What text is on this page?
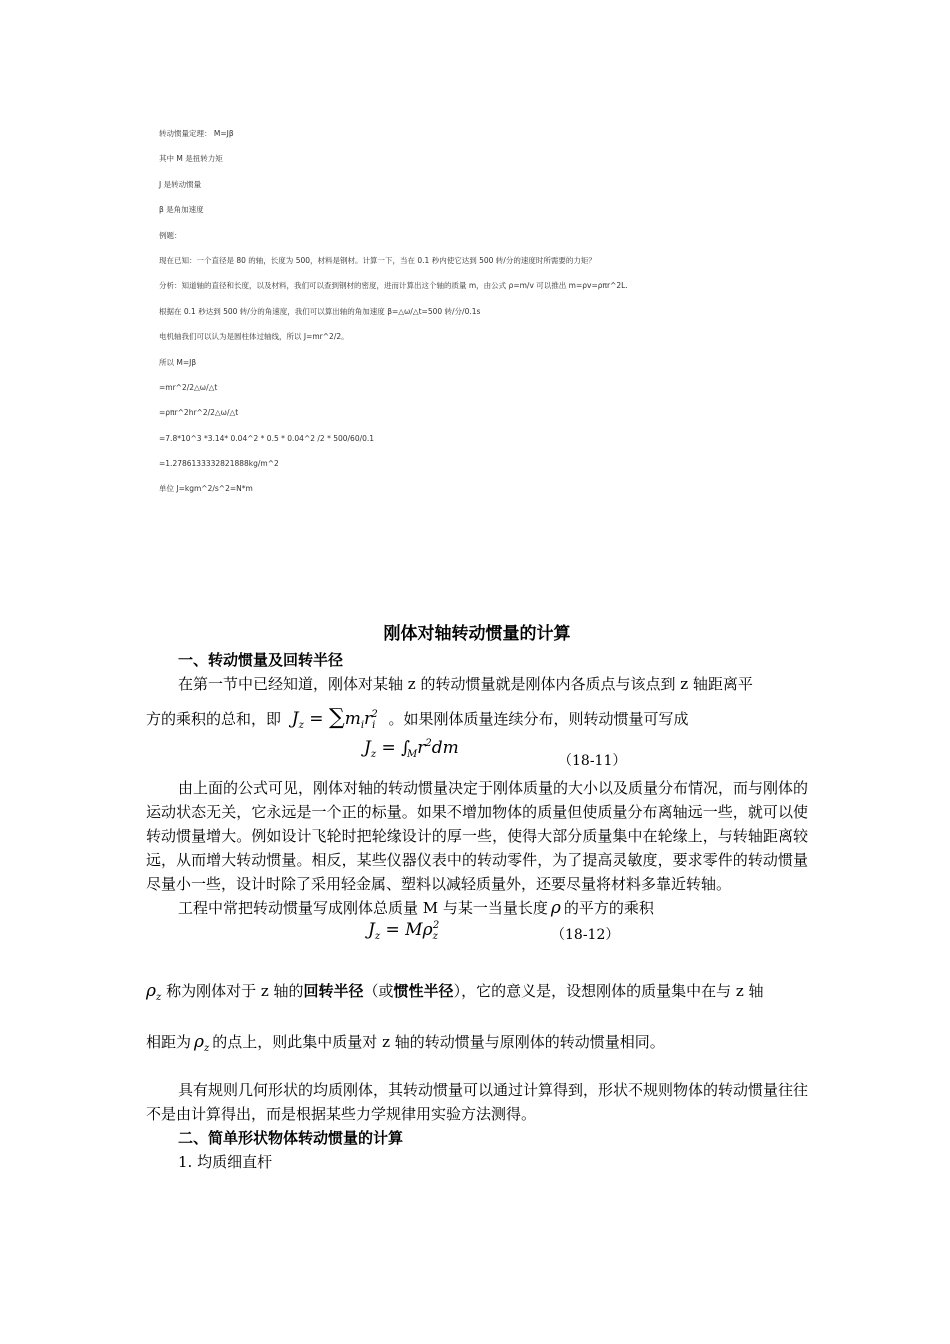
转动惯量定理： M=Jβ
其中 M 是扭转力矩
J 是转动惯量
β 是角加速度
例题：
现在已知：一个直径是 80 的轴，长度为 500，材料是钢材。计算一下，当在 0.1 秒内使它达到 500 转/分的速度时所需要的力矩？
分析：知道轴的直径和长度，以及材料，我们可以查到钢材的密度，进而计算出这个轴的质量 m，由公式 ρ=m/v 可以推出 m=ρv=ρπr^2L.
根据在 0.1 秒达到 500 转/分的角速度，我们可以算出轴的角加速度 β=△ω/△t=500 转/分/0.1s
电机轴我们可以认为是圆柱体过轴线，所以 J=mr^2/2。
所以 M=Jβ
=mr^2/2△ω/△t
=ρπr^2hr^2/2△ω/△t
=7.8*10^3 *3.14* 0.04^2 * 0.5 * 0.04^2 /2 * 500/60/0.1
=1.2786133332821888kg/m^2
单位 J=kgm^2/s^2=N*m
刚体对轴转动惯量的计算
一、转动惯量及回转半径
在第一节中已经知道，刚体对某轴 z 的转动惯量就是刚体内各质点与该点到 z 轴距离平
方的乘积的总和，即 $J_z = \sum m_ir_i^2$ 。如果刚体质量连续分布，则转动惯量可写成
$J_z = \int_Mr^2dm$
（18-11）

由上面的公式可见，刚体对轴的转动惯量决定于刚体质量的大小以及质量分布情况，而与刚体的运动状态无关，它永远是一个正的标量。如果不增加物体的质量但使质量分布离轴远一些，就可以使转动惯量增大。例如设计飞轮时把轮缘设计的厚一些，使得大部分质量集中在轮缘上，与转轴距离较远，从而增大转动惯量。相反，某些仪器仪表中的转动零件，为了提高灵敏度，要求零件的转动惯量尽量小一些，设计时除了采用轻金属、塑料以减轻质量外，还要尽量将材料多靠近转轴。

工程中常把转动惯量写成刚体总质量 M 与某一当量长度 ρ 的平方的乘积
$J_z = M\rho_z^2$
（18-12）
$\rho_z$ 称为刚体对于 z 轴的回转半径（或惯性半径），它的意义是，设想刚体的质量集中在与 z 轴
相距为 $\rho_z$ 的点上，则此集中质量对 z 轴的转动惯量与原刚体的转动惯量相同。

具有规则几何形状的均质刚体，其转动惯量可以通过计算得到，形状不规则物体的转动惯量往往不是由计算得出，而是根据某些力学规律用实验方法测得。

二、简单形状物体转动惯量的计算
1. 均质细直杆
